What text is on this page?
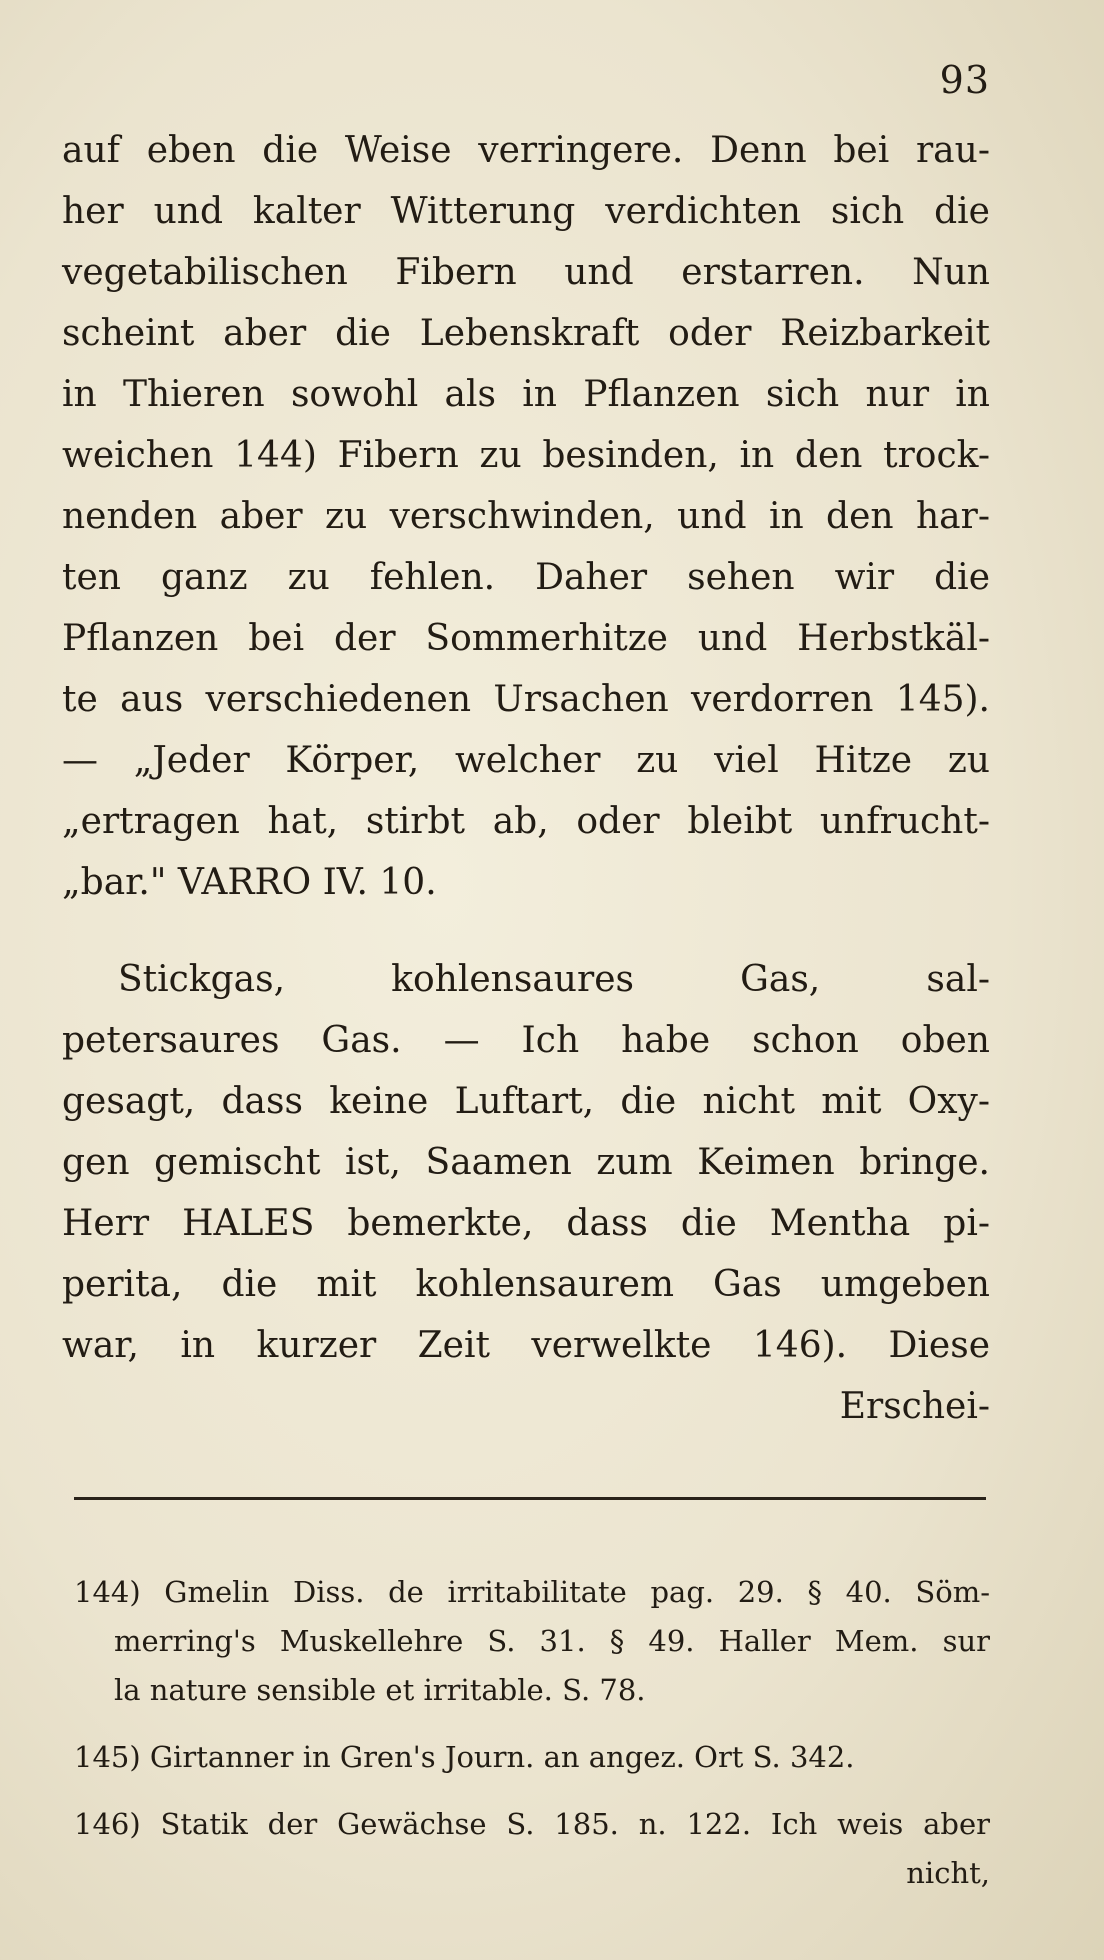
93
auf eben die Weise verringere. Denn bei rau-
her und kalter Witterung verdichten sich die
vegetabilischen Fibern und erstarren. Nun
scheint aber die Lebenskraft oder Reizbarkeit
in Thieren sowohl als in Pflanzen sich nur in
weichen 144) Fibern zu besinden, in den trock-
nenden aber zu verschwinden, und in den har-
ten ganz zu fehlen. Daher sehen wir die
Pflanzen bei der Sommerhitze und Herbstkäl-
te aus verschiedenen Ursachen verdorren 145).
— „Jeder Körper, welcher zu viel Hitze zu
„ertragen hat, stirbt ab, oder bleibt unfrucht-
„bar." VARRO IV. 10.
Stickgas, kohlensaures Gas, sal-
petersaures Gas. — Ich habe schon oben
gesagt, dass keine Luftart, die nicht mit Oxy-
gen gemischt ist, Saamen zum Keimen bringe.
Herr HALES bemerkte, dass die Mentha pi-
perita, die mit kohlensaurem Gas umgeben
war, in kurzer Zeit verwelkte 146). Diese
Erschei-
144) Gmelin Diss. de irritabilitate pag. 29. § 40. Söm-
merring's Muskellehre S. 31. § 49. Haller Mem. sur
la nature sensible et irritable. S. 78.
145) Girtanner in Gren's Journ. an angez. Ort S. 342.
146) Statik der Gewächse S. 185. n. 122. Ich weis aber
nicht,
